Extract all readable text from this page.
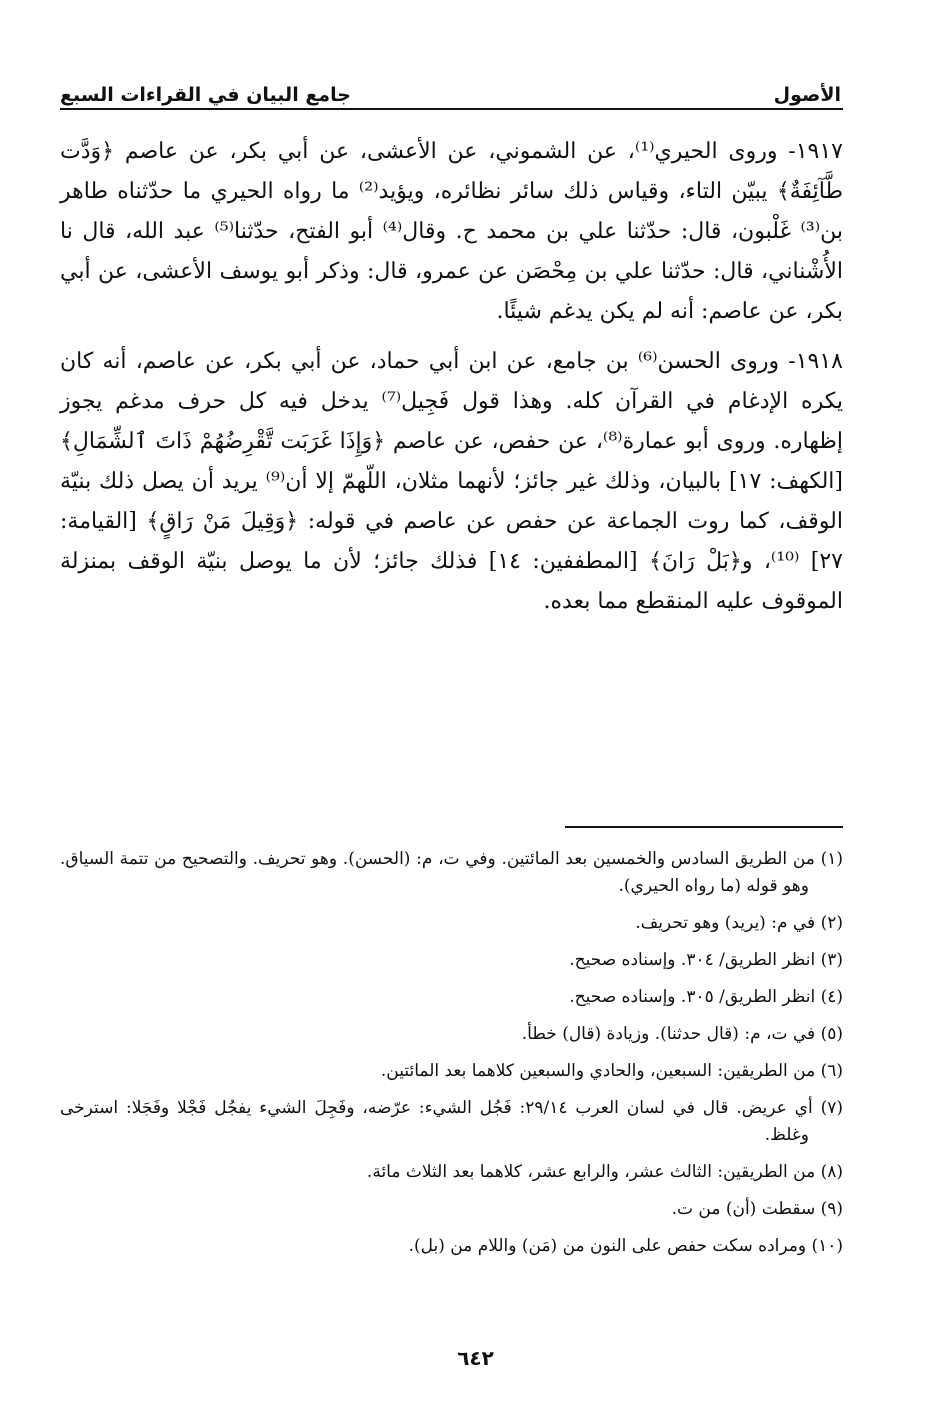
الأصول
جامع البيان في القراءات السبع

١٩١٧- وروى الحيري⁽¹⁾، عن الشموني، عن الأعشى، عن أبي بكر، عن عاصم ﴿وَدَّت طَّآئِفَةٌ﴾ يبيّن التاء، وقياس ذلك سائر نظائره، ويؤيد⁽²⁾ ما رواه الحيري ما حدّثناه طاهر بن⁽³⁾ غَلْبون، قال: حدّثنا علي بن محمد ح. وقال⁽⁴⁾ أبو الفتح، حدّثنا⁽⁵⁾ عبد الله، قال نا الأُشْناني، قال: حدّثنا علي بن مِحْصَن عن عمرو، قال: وذكر أبو يوسف الأعشى، عن أبي بكر، عن عاصم: أنه لم يكن يدغم شيئًا.

١٩١٨- وروى الحسن⁽⁶⁾ بن جامع، عن ابن أبي حماد، عن أبي بكر، عن عاصم، أنه كان يكره الإدغام في القرآن كله. وهذا قول فَجِيل⁽⁷⁾ يدخل فيه كل حرف مدغم يجوز إظهاره. وروى أبو عمارة⁽⁸⁾، عن حفص، عن عاصم ﴿وَإِذَا غَرَبَت تَّقْرِضُهُمْ ذَاتَ ٱلشِّمَالِ﴾ [الكهف: ١٧] بالبيان، وذلك غير جائز؛ لأنهما مثلان، اللّهمّ إلا أن⁽⁹⁾ يريد أن يصل ذلك بنيّة الوقف، كما روت الجماعة عن حفص عن عاصم في قوله: ﴿وَقِيلَ مَنْ رَاقٍ﴾ [القيامة: ٢٧] ⁽¹⁰⁾، و﴿بَلْ رَانَ﴾ [المطففين: ١٤] فذلك جائز؛ لأن ما يوصل بنيّة الوقف بمنزلة الموقوف عليه المنقطع مما بعده.

(١) من الطريق السادس والخمسين بعد المائتين. وفي ت، م: (الحسن). وهو تحريف. والتصحيح من تتمة السياق. وهو قوله (ما رواه الحيري).

(٢) في م: (يريد) وهو تحريف.

(٣) انظر الطريق/ ٣٠٤. وإسناده صحيح.

(٤) انظر الطريق/ ٣٠٥. وإسناده صحيح.

(٥) في ت، م: (قال حدثنا). وزيادة (قال) خطأ.

(٦) من الطريقين: السبعين، والحادي والسبعين كلاهما بعد المائتين.

(٧) أي عريض. قال في لسان العرب ٢٩/١٤: فَجُل الشيء: عرّضه، وفَجِلَ الشيء يفجُل فَجْلا وفَجَلا: استرخى وغلظ.

(٨) من الطريقين: الثالث عشر، والرابع عشر، كلاهما بعد الثلاث مائة.

(٩) سقطت (أن) من ت.

(١٠) ومراده سكت حفص على النون من (مَن) واللام من (بل).

٦٤٢
